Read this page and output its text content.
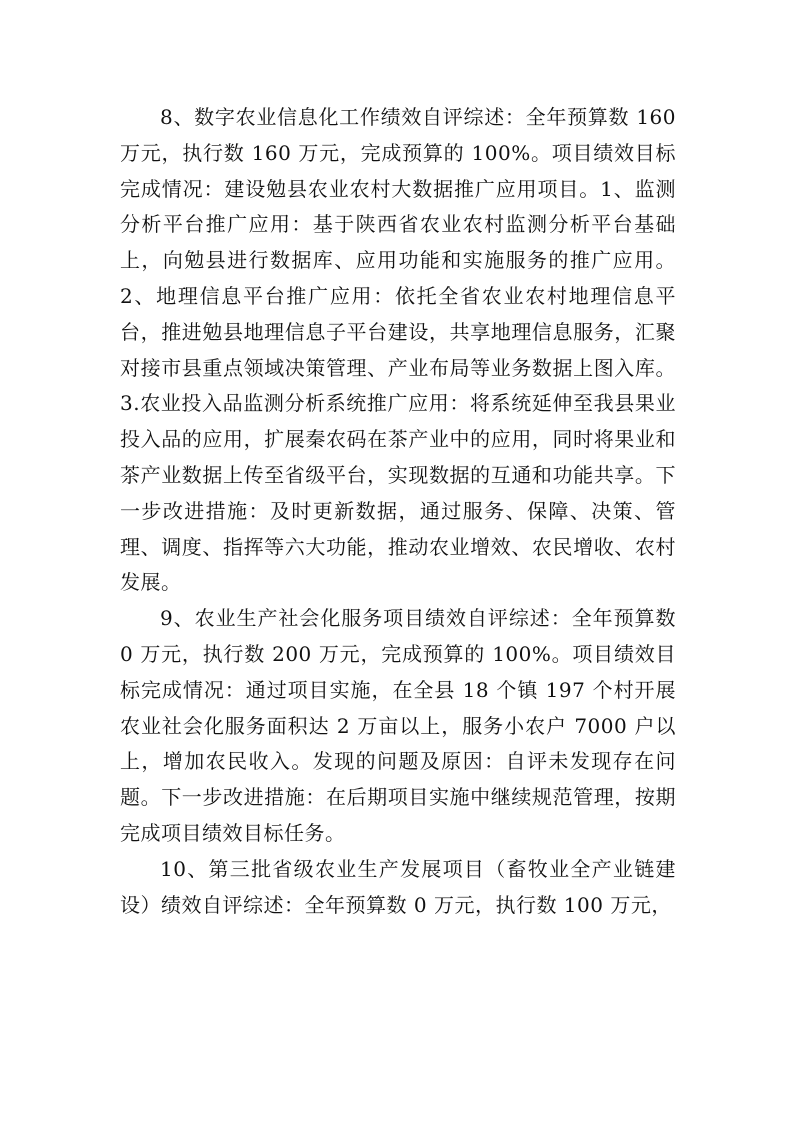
8、数字农业信息化工作绩效自评综述：全年预算数 160 万元，执行数 160 万元，完成预算的 100%。项目绩效目标完成情况：建设勉县农业农村大数据推广应用项目。1、监测分析平台推广应用：基于陕西省农业农村监测分析平台基础上，向勉县进行数据库、应用功能和实施服务的推广应用。2、地理信息平台推广应用：依托全省农业农村地理信息平台，推进勉县地理信息子平台建设，共享地理信息服务，汇聚对接市县重点领域决策管理、产业布局等业务数据上图入库。3.农业投入品监测分析系统推广应用：将系统延伸至我县果业投入品的应用，扩展秦农码在茶产业中的应用，同时将果业和茶产业数据上传至省级平台，实现数据的互通和功能共享。下一步改进措施：及时更新数据，通过服务、保障、决策、管理、调度、指挥等六大功能，推动农业增效、农民增收、农村发展。

9、农业生产社会化服务项目绩效自评综述：全年预算数 0 万元，执行数 200 万元，完成预算的 100%。项目绩效目标完成情况：通过项目实施，在全县 18 个镇 197 个村开展农业社会化服务面积达 2 万亩以上，服务小农户 7000 户以上，增加农民收入。发现的问题及原因：自评未发现存在问题。下一步改进措施：在后期项目实施中继续规范管理，按期完成项目绩效目标任务。

10、第三批省级农业生产发展项目（畜牧业全产业链建设）绩效自评综述：全年预算数 0 万元，执行数 100 万元，
